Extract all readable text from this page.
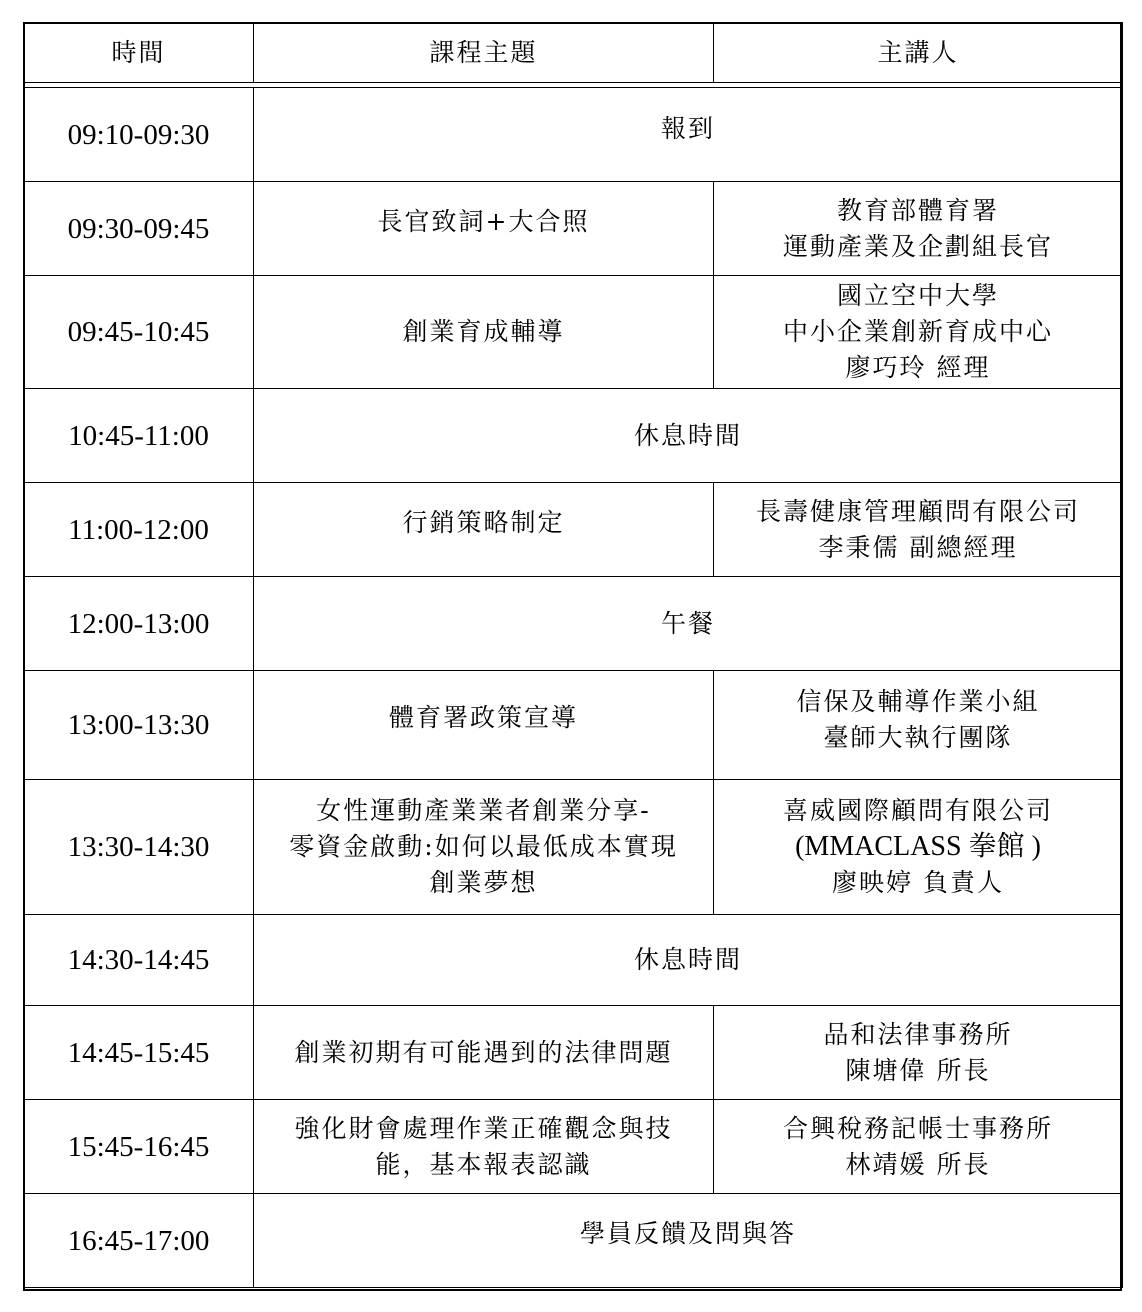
時間	課程主題	主講人

09:10-09:30	報到	
09:30-09:45	長官致詞+大合照	教育部體育署
運動產業及企劃組長官

09:45-10:45	創業育成輔導	國立空中大學
中小企業創新育成中心
廖巧玲 經理

10:45-11:00	休息時間	
11:00-12:00	行銷策略制定	長壽健康管理顧問有限公司
李秉儒 副總經理

12:00-13:00	午餐	
13:00-13:30	體育署政策宣導	信保及輔導作業小組
臺師大執行團隊

13:30-14:30	女性運動產業業者創業分享-
零資金啟動:如何以最低成本實現
創業夢想	喜威國際顧問有限公司
(MMACLASS 拳館 )
廖映婷 負責人

14:30-14:45	休息時間	
14:45-15:45	創業初期有可能遇到的法律問題	品和法律事務所
陳塘偉 所長

15:45-16:45	強化財會處理作業正確觀念與技
能，基本報表認識	合興稅務記帳士事務所
林靖媛 所長

16:45-17:00	學員反饋及問與答	
